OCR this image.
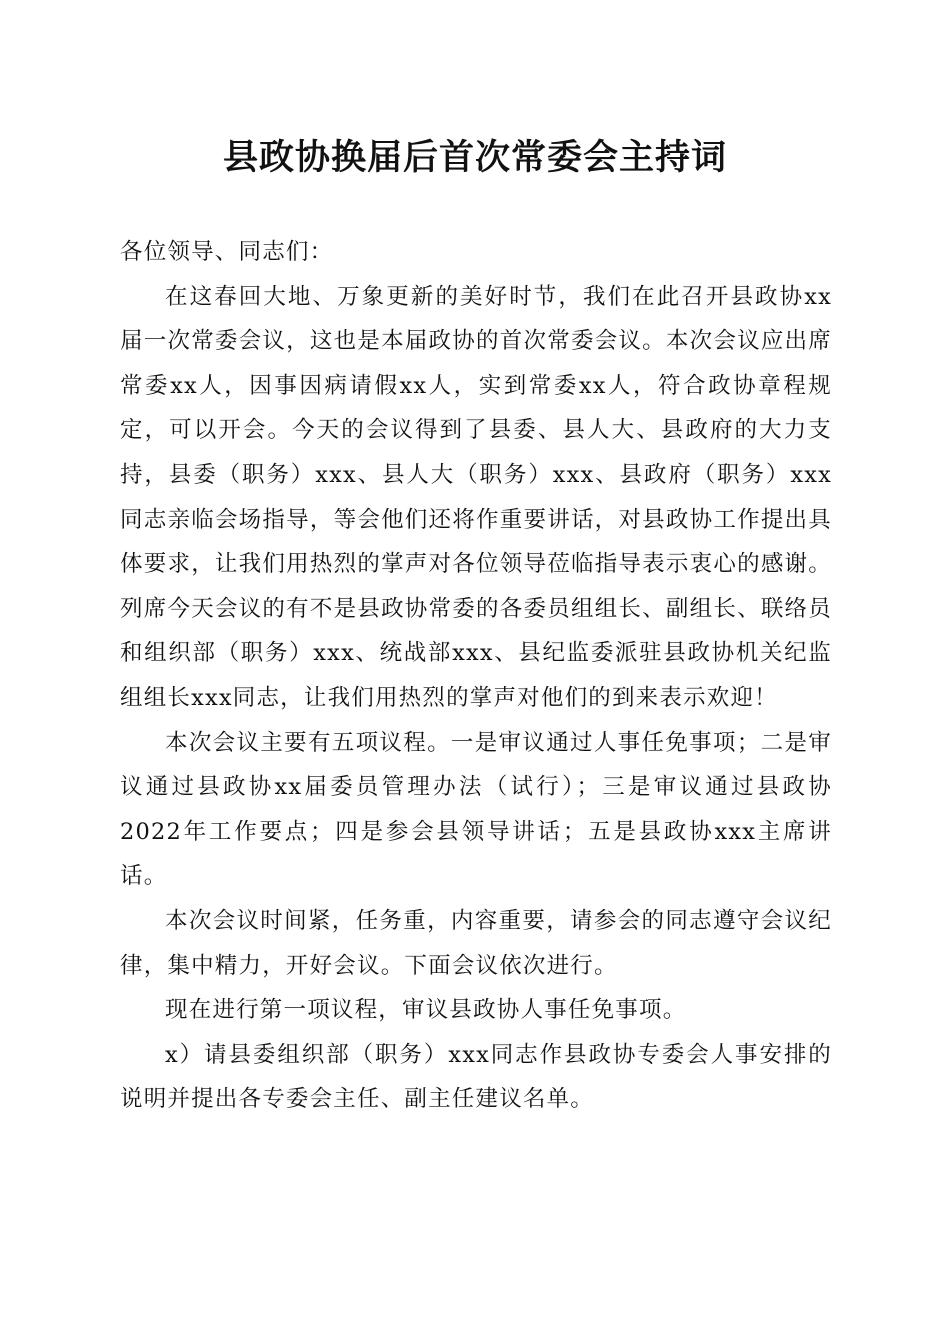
县政协换届后首次常委会主持词

各位领导、同志们：

在这春回大地、万象更新的美好时节，我们在此召开县政协xx届一次常委会议，这也是本届政协的首次常委会议。本次会议应出席常委xx人，因事因病请假xx人，实到常委xx人，符合政协章程规定，可以开会。今天的会议得到了县委、县人大、县政府的大力支持，县委（职务）xxx、县人大（职务）xxx、县政府（职务）xxx同志亲临会场指导，等会他们还将作重要讲话，对县政协工作提出具体要求，让我们用热烈的掌声对各位领导莅临指导表示衷心的感谢。列席今天会议的有不是县政协常委的各委员组组长、副组长、联络员和组织部（职务）xxx、统战部xxx、县纪监委派驻县政协机关纪监组组长xxx同志，让我们用热烈的掌声对他们的到来表示欢迎！

本次会议主要有五项议程。一是审议通过人事任免事项；二是审议通过县政协xx届委员管理办法（试行）；三是审议通过县政协2022年工作要点；四是参会县领导讲话；五是县政协xxx主席讲话。

本次会议时间紧，任务重，内容重要，请参会的同志遵守会议纪律，集中精力，开好会议。下面会议依次进行。

现在进行第一项议程，审议县政协人事任免事项。

x）请县委组织部（职务）xxx同志作县政协专委会人事安排的说明并提出各专委会主任、副主任建议名单。
